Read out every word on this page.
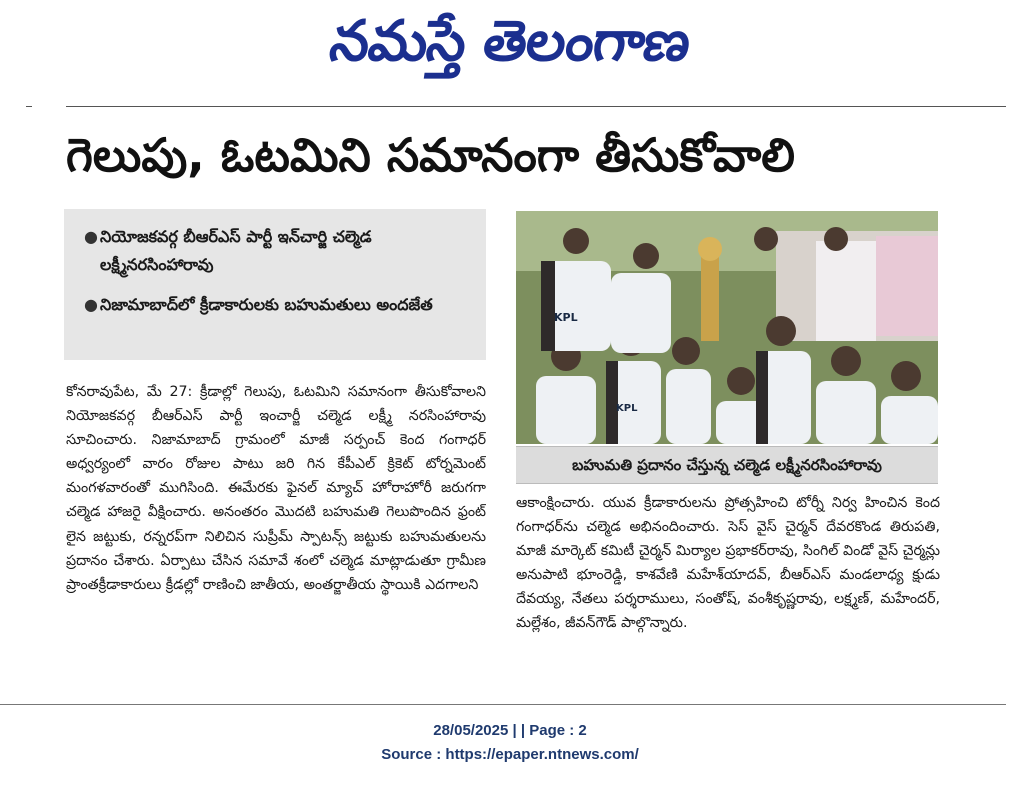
నమస్తే తెలంగాణ
గెలుపు, ఓటమిని సమానంగా తీసుకోవాలి
● నియోజకవర్గ బీఆర్ఎస్ పార్టీ ఇన్‌చార్జి చల్మెడ లక్ష్మీనరసింహారావు
● నిజామాబాద్‌లో క్రీడాకారులకు బహుమతులు అందజేత
KPL
KPL
బహుమతి ప్రదానం చేస్తున్న చల్మెడ లక్ష్మీనరసింహారావు
కోనరావుపేట, మే 27: క్రీడాల్లో గెలుపు, ఓటమిని సమానంగా తీసుకోవాలని నియోజకవర్గ బీఆర్ఎస్ పార్టీ ఇంచార్జీ చల్మెడ లక్ష్మీ నరసింహారావు సూచించారు. నిజామాబాద్ గ్రామంలో మాజీ సర్పంచ్ కెంద గంగాధర్ అధ్వర్యంలో వారం రోజుల పాటు జరి గిన కేపీఎల్ క్రికెట్ టోర్నమెంట్ మంగళవారంతో ముగిసింది. ఈమేరకు ఫైనల్ మ్యాచ్ హోరాహోరీ జరుగగా చల్మెడ హాజరై వీక్షించారు. అనంతరం మొదటి బహుమతి గెలుపొందిన ఫ్రంట్ లైన జట్టుకు, రన్నరప్‌గా నిలిచిన సుప్రీమ్ స్పాటన్స్ జట్టుకు బహుమతులను ప్రదానం చేశారు. ఏర్పాటు చేసిన సమావే శంలో చల్మెడ మాట్లాడుతూ గ్రామీణ ప్రాంతక్రీడాకారులు క్రీడల్లో రాణించి జాతీయ, అంతర్జాతీయ స్థాయికి ఎదగాలని
ఆకాంక్షించారు. యువ క్రీడాకారులను ప్రోత్సహించి టోర్నీ నిర్వ హించిన కెంద గంగాధర్‌ను చల్మెడ అభినందించారు. సెస్ వైస్ చైర్మన్ దేవరకొండ తిరుపతి, మాజీ మార్కెట్ కమిటీ చైర్మన్ మిర్యాల ప్రభాకర్‌రావు, సింగిల్ విండో వైస్ చైర్మన్లు అనుపాటి భూంరెడ్డి, కాశవేణి మహేశ్‌యాదవ్, బీఆర్ఎస్ మండలాధ్య క్షుడు దేవయ్య, నేతలు పర్శరాములు, సంతోష్, వంశీకృష్ణరావు, లక్ష్మణ్, మహేందర్, మల్లేశం, జీవన్‌గౌడ్ పాల్గొన్నారు.
28/05/2025 | | Page : 2
Source : https://epaper.ntnews.com/
